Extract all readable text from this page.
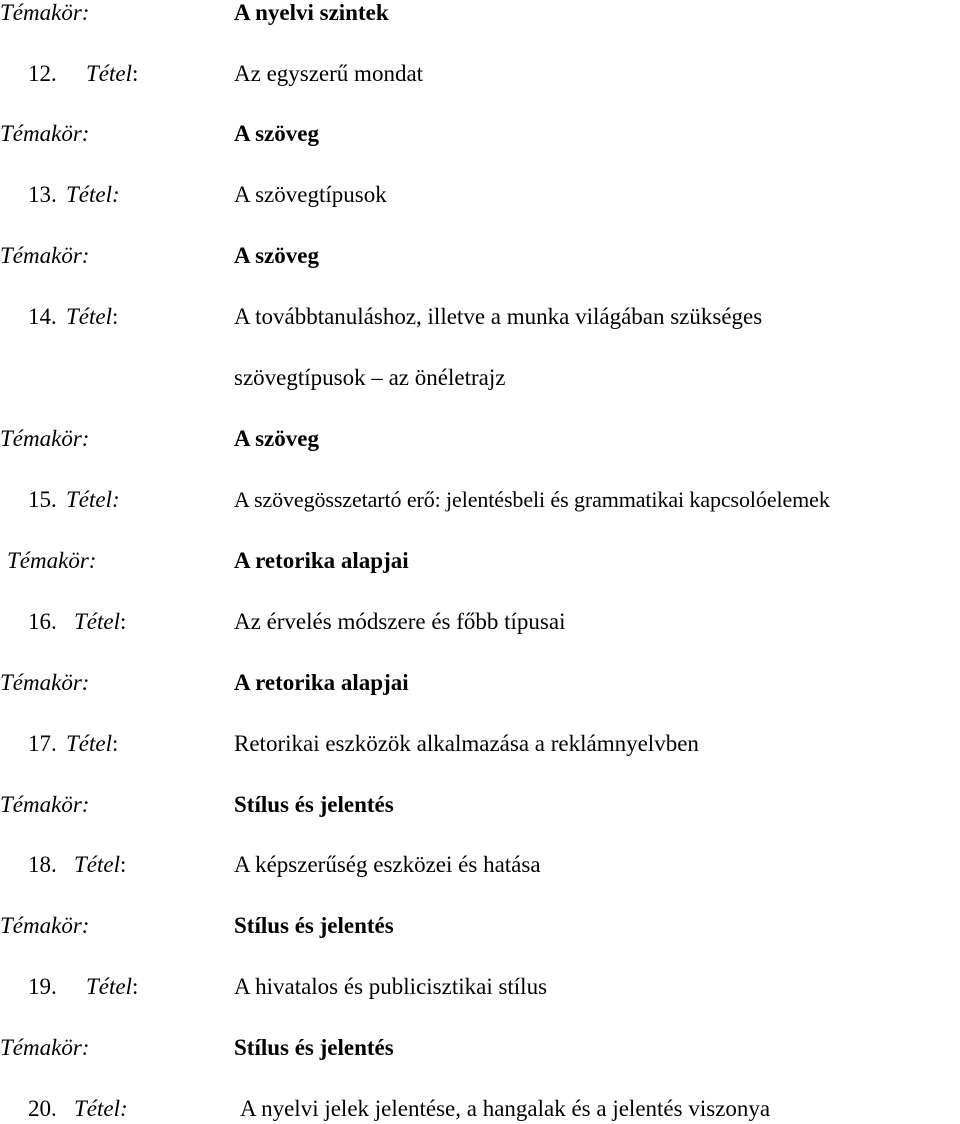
Témakör:	A nyelvi szintek
12. Tétel:	Az egyszerű mondat
Témakör:	A szöveg
13. Tétel:	A szövegtípusok
Témakör:	A szöveg
14. Tétel:	A továbbtanuláshoz, illetve a munka világában szükséges
szövegtípusok – az önéletrajz
Témakör:	A szöveg
15. Tétel:	A szövegösszetartó erő: jelentésbeli és grammatikai kapcsolóelemek
Témakör:	A retorika alapjai
16. Tétel:	Az érvelés módszere és főbb típusai
Témakör:	A retorika alapjai
17. Tétel:	Retorikai eszközök alkalmazása a reklámnyelvben
Témakör:	Stílus és jelentés
18. Tétel:	A képszerűség eszközei és hatása
Témakör:	Stílus és jelentés
19. Tétel:	A hivatalos és publicisztikai stílus
Témakör:	Stílus és jelentés
20. Tétel:	A nyelvi jelek jelentése, a hangalak és a jelentés viszonya
